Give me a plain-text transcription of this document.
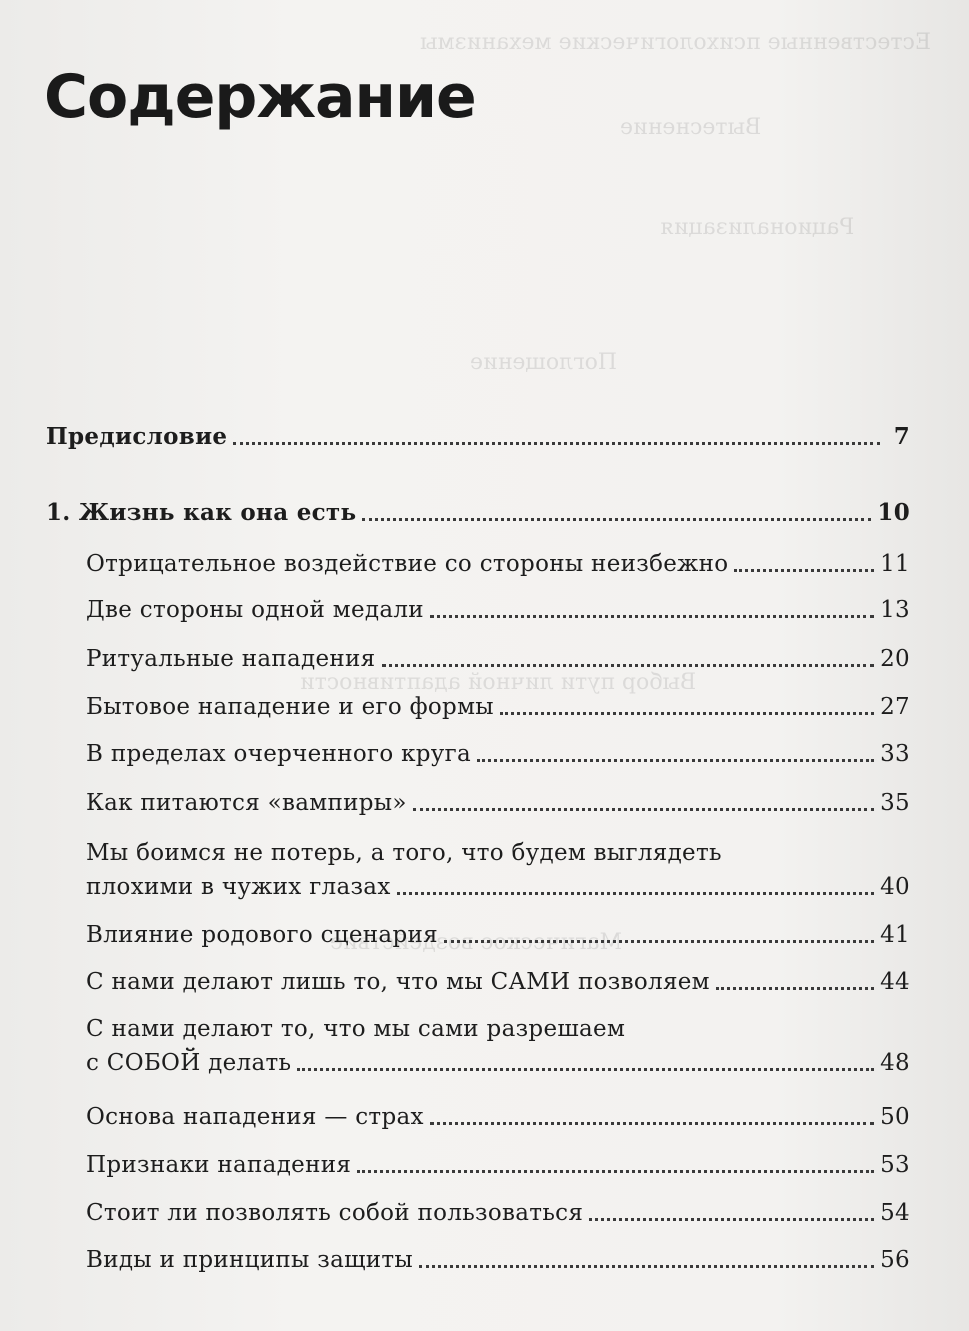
Естественные психологические механизмы
Вытеснение
Рационализация
Поглощение
Выбор пути личной адаптивности
Магическое воздействие
Содержание
Предисловие	7
1. Жизнь как она есть	10
Отрицательное воздействие со стороны неизбежно	11
Две стороны одной медали	13
Ритуальные нападения	20
Бытовое нападение и его формы	27
В пределах очерченного круга	33
Как питаются «вампиры»	35
Мы боимся не потерь, а того, что будем выглядеть
плохими в чужих глазах	40
Влияние родового сценария	41
С нами делают лишь то, что мы САМИ позволяем	44
С нами делают то, что мы сами разрешаем
с СОБОЙ делать	48
Основа нападения — страх	50
Признаки нападения	53
Стоит ли позволять собой пользоваться	54
Виды и принципы защиты	56
